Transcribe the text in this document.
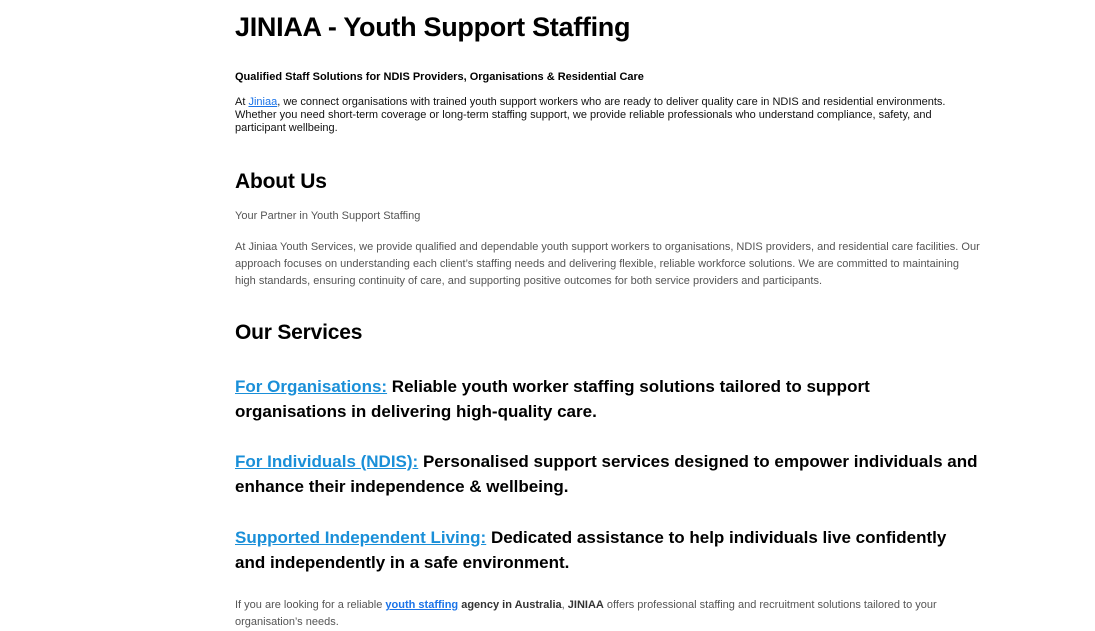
JINIAA - Youth Support Staffing

Qualified Staff Solutions for NDIS Providers, Organisations & Residential Care

At Jiniaa, we connect organisations with trained youth support workers who are ready to deliver quality care in NDIS and residential environments. Whether you need short-term coverage or long-term staffing support, we provide reliable professionals who understand compliance, safety, and participant wellbeing.

About Us

Your Partner in Youth Support Staffing

At Jiniaa Youth Services, we provide qualified and dependable youth support workers to organisations, NDIS providers, and residential care facilities. Our approach focuses on understanding each client’s staffing needs and delivering flexible, reliable workforce solutions. We are committed to maintaining high standards, ensuring continuity of care, and supporting positive outcomes for both service providers and participants.

Our Services

For Organisations: Reliable youth worker staffing solutions tailored to support organisations in delivering high-quality care.

For Individuals (NDIS): Personalised support services designed to empower individuals and enhance their independence & wellbeing.

Supported Independent Living: Dedicated assistance to help individuals live confidently and independently in a safe environment.

If you are looking for a reliable youth staffing agency in Australia, JINIAA offers professional staffing and recruitment solutions tailored to your organisation’s needs.
